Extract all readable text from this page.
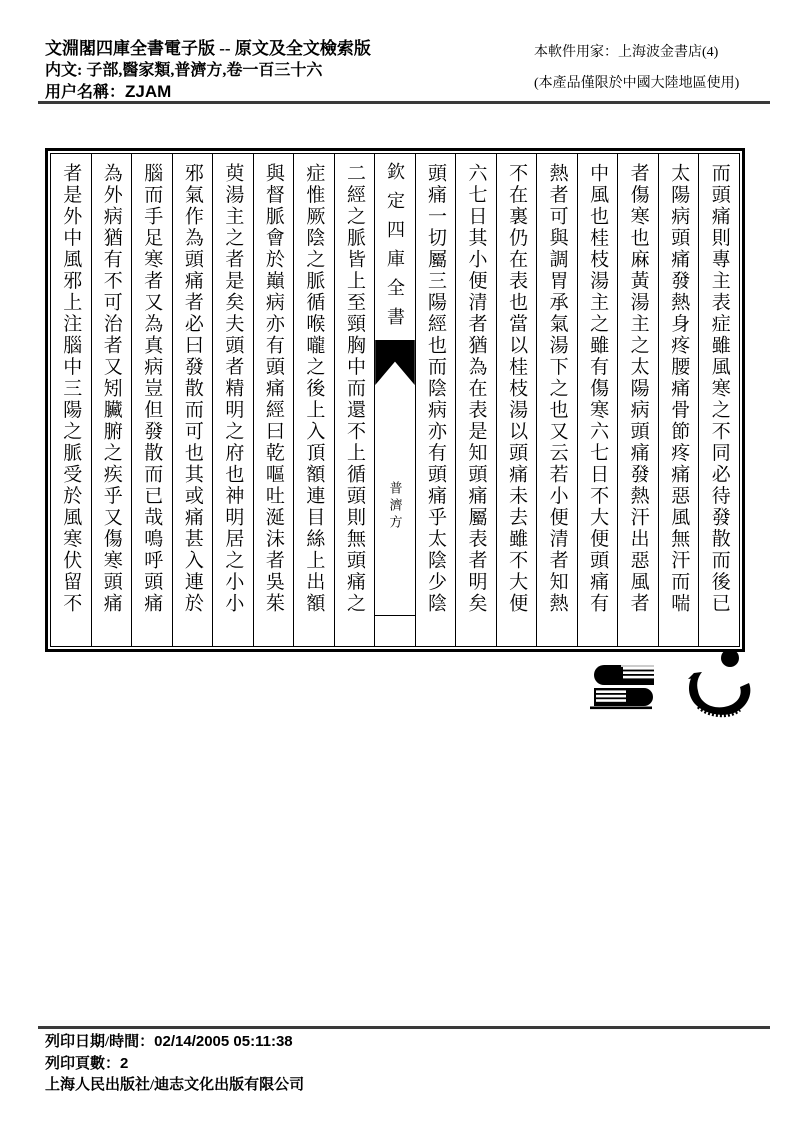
文淵閣四庫全書電子版 -- 原文及全文檢索版
内文: 子部,醫家類,普濟方,卷一百三十六
用户名稱：ZJAM
本軟件用家：上海波金書店(4)
(本產品僅限於中國大陸地區使用)
而頭痛則專主表症雖風寒之不同必待發散而後已
太陽病頭痛發熱身疼腰痛骨節疼痛惡風無汗而喘
者傷寒也麻黃湯主之太陽病頭痛發熱汗出惡風者
中風也桂枝湯主之雖有傷寒六七日不大便頭痛有
熱者可與調胃承氣湯下之也又云若小便清者知熱
不在裏仍在表也當以桂枝湯以頭痛未去雖不大便
六七日其小便清者猶為在表是知頭痛屬表者明矣
頭痛一切屬三陽經也而陰病亦有頭痛乎太陰少陰
欽定四庫全書
普濟方
二經之脈皆上至頸胸中而還不上循頭則無頭痛之
症惟厥陰之脈循喉嚨之後上入頂額連目絲上出額
與督脈會於巔病亦有頭痛經曰乾嘔吐涎沫者吳茱
萸湯主之者是矣夫頭者精明之府也神明居之小小
邪氣作為頭痛者必曰發散而可也其或痛甚入連於
腦而手足寒者又為真病豈但發散而已哉鳴呼頭痛
為外病猶有不可治者又矧臟腑之疾乎又傷寒頭痛
者是外中風邪上注腦中三陽之脈受於風寒伏留不
列印日期/時間：02/14/2005 05:11:38
列印頁數：2
上海人民出版社/迪志文化出版有限公司
